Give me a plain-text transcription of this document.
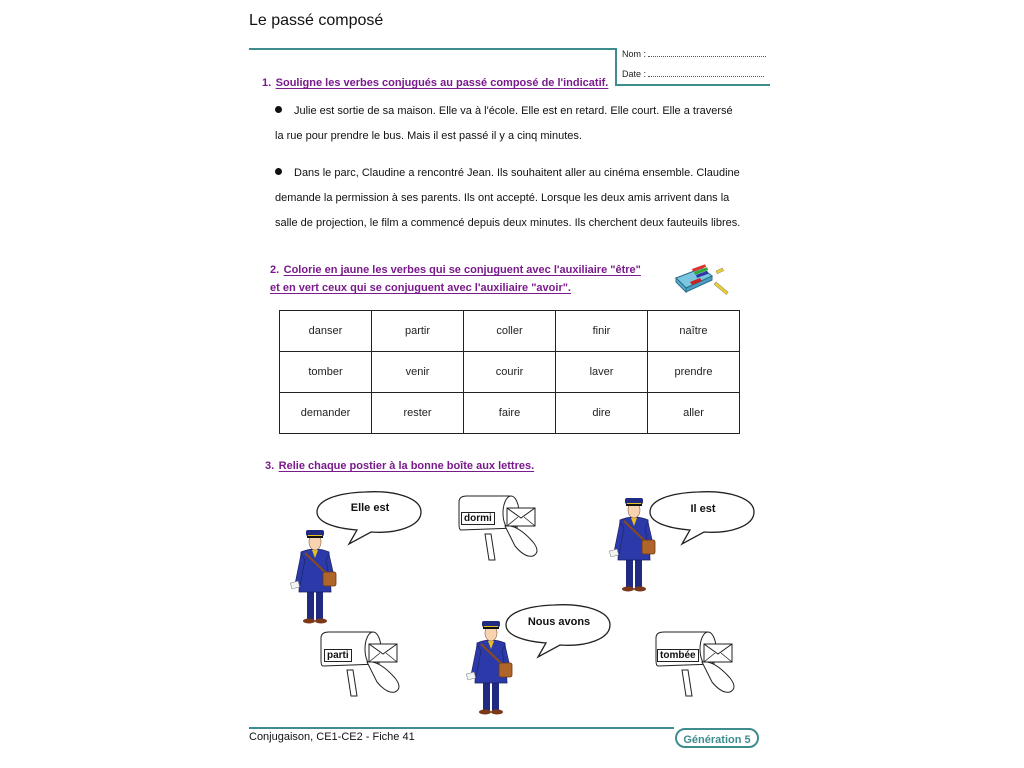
Le passé composé
Nom :
Date :
1. Souligne les verbes conjugués au passé composé de l'indicatif.
Julie est sortie de sa maison. Elle va à l'école. Elle est en retard. Elle court. Elle a traversé
la rue pour prendre le bus. Mais il est passé il y a cinq minutes.
Dans le parc, Claudine a rencontré Jean. Ils souhaitent aller au cinéma ensemble. Claudine
demande la permission à ses parents. Ils ont accepté. Lorsque les deux amis arrivent dans la
salle de projection, le film a commencé depuis deux minutes. Ils cherchent deux fauteuils libres.
2. Colorie en jaune les verbes qui se conjuguent avec l'auxiliaire "être"
et en vert ceux qui se conjuguent avec l'auxiliaire "avoir".
danser	partir	coller	finir	naître
tomber	venir	courir	laver	prendre
demander	rester	faire	dire	aller
3. Relie chaque postier à la bonne boîte aux lettres.
Elle est	Il est
Nous avons
dormi
parti	tombée
Conjugaison, CE1-CE2 - Fiche 41	Génération 5
